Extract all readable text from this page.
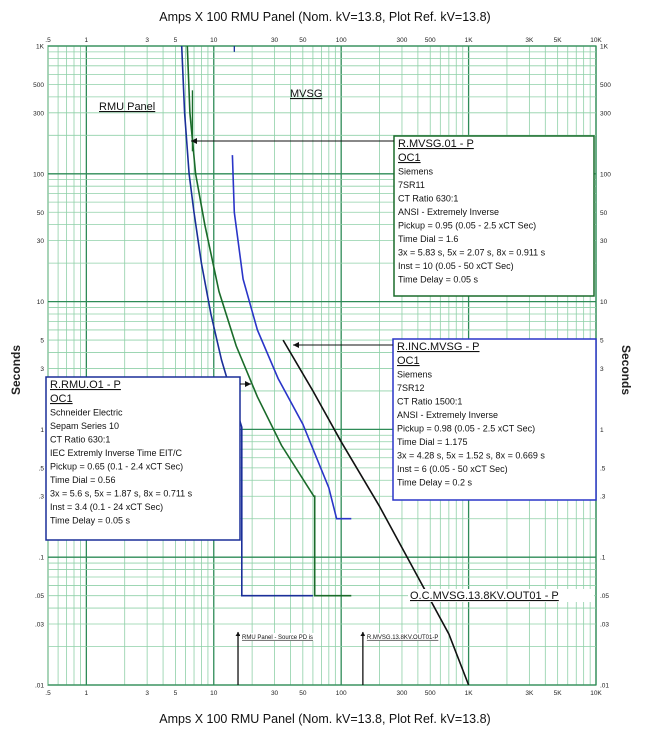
Amps X 100 RMU Panel (Nom. kV=13.8, Plot Ref. kV=13.8)
Amps X 100 RMU Panel (Nom. kV=13.8, Plot Ref. kV=13.8)
Seconds	Seconds
.5
.5
1
1
3
3
5
5
10
10
30
30
50
50
100
100
300
300
500
500
1K
1K
3K
3K
5K
5K
10K
10K
1K	1K
500	500
300	300
100	100
50	50
30	30
10	10
5	5
3	3
1	1
.5	.5
.3	.3
.1	.1
.05	.05
.03	.03
.01	.01
R.MVSG.01 - P
OC1
Siemens
7SR11
CT Ratio 630:1
ANSI - Extremely Inverse
Pickup = 0.95 (0.05 - 2.5 xCT Sec)
Time Dial = 1.6
3x = 5.83 s, 5x = 2.07 s, 8x = 0.911 s
Inst = 10 (0.05 - 50 xCT Sec)
Time Delay = 0.05 s
R.INC.MVSG - P
OC1
Siemens
7SR12
CT Ratio 1500:1
ANSI - Extremely Inverse
Pickup = 0.98 (0.05 - 2.5 xCT Sec)
Time Dial = 1.175
3x = 4.28 s, 5x = 1.52 s, 8x = 0.669 s
Inst = 6 (0.05 - 50 xCT Sec)
Time Delay = 0.2 s
R.RMU.O1 - P
OC1
Schneider Electric
Sepam Series 10
CT Ratio 630:1
IEC Extremly Inverse Time EIT/C
Pickup = 0.65 (0.1 - 2.4 xCT Sec)
Time Dial = 0.56
3x = 5.6 s, 5x = 1.87 s, 8x = 0.711 s
Inst = 3.4 (0.1 - 24 xCT Sec)
Time Delay = 0.05 s
RMU Panel - Source PD is	R.MVSG.13.8KV.OUT01-P
RMU Panel
MVSG
O.C.MVSG.13.8KV.OUT01 - P
